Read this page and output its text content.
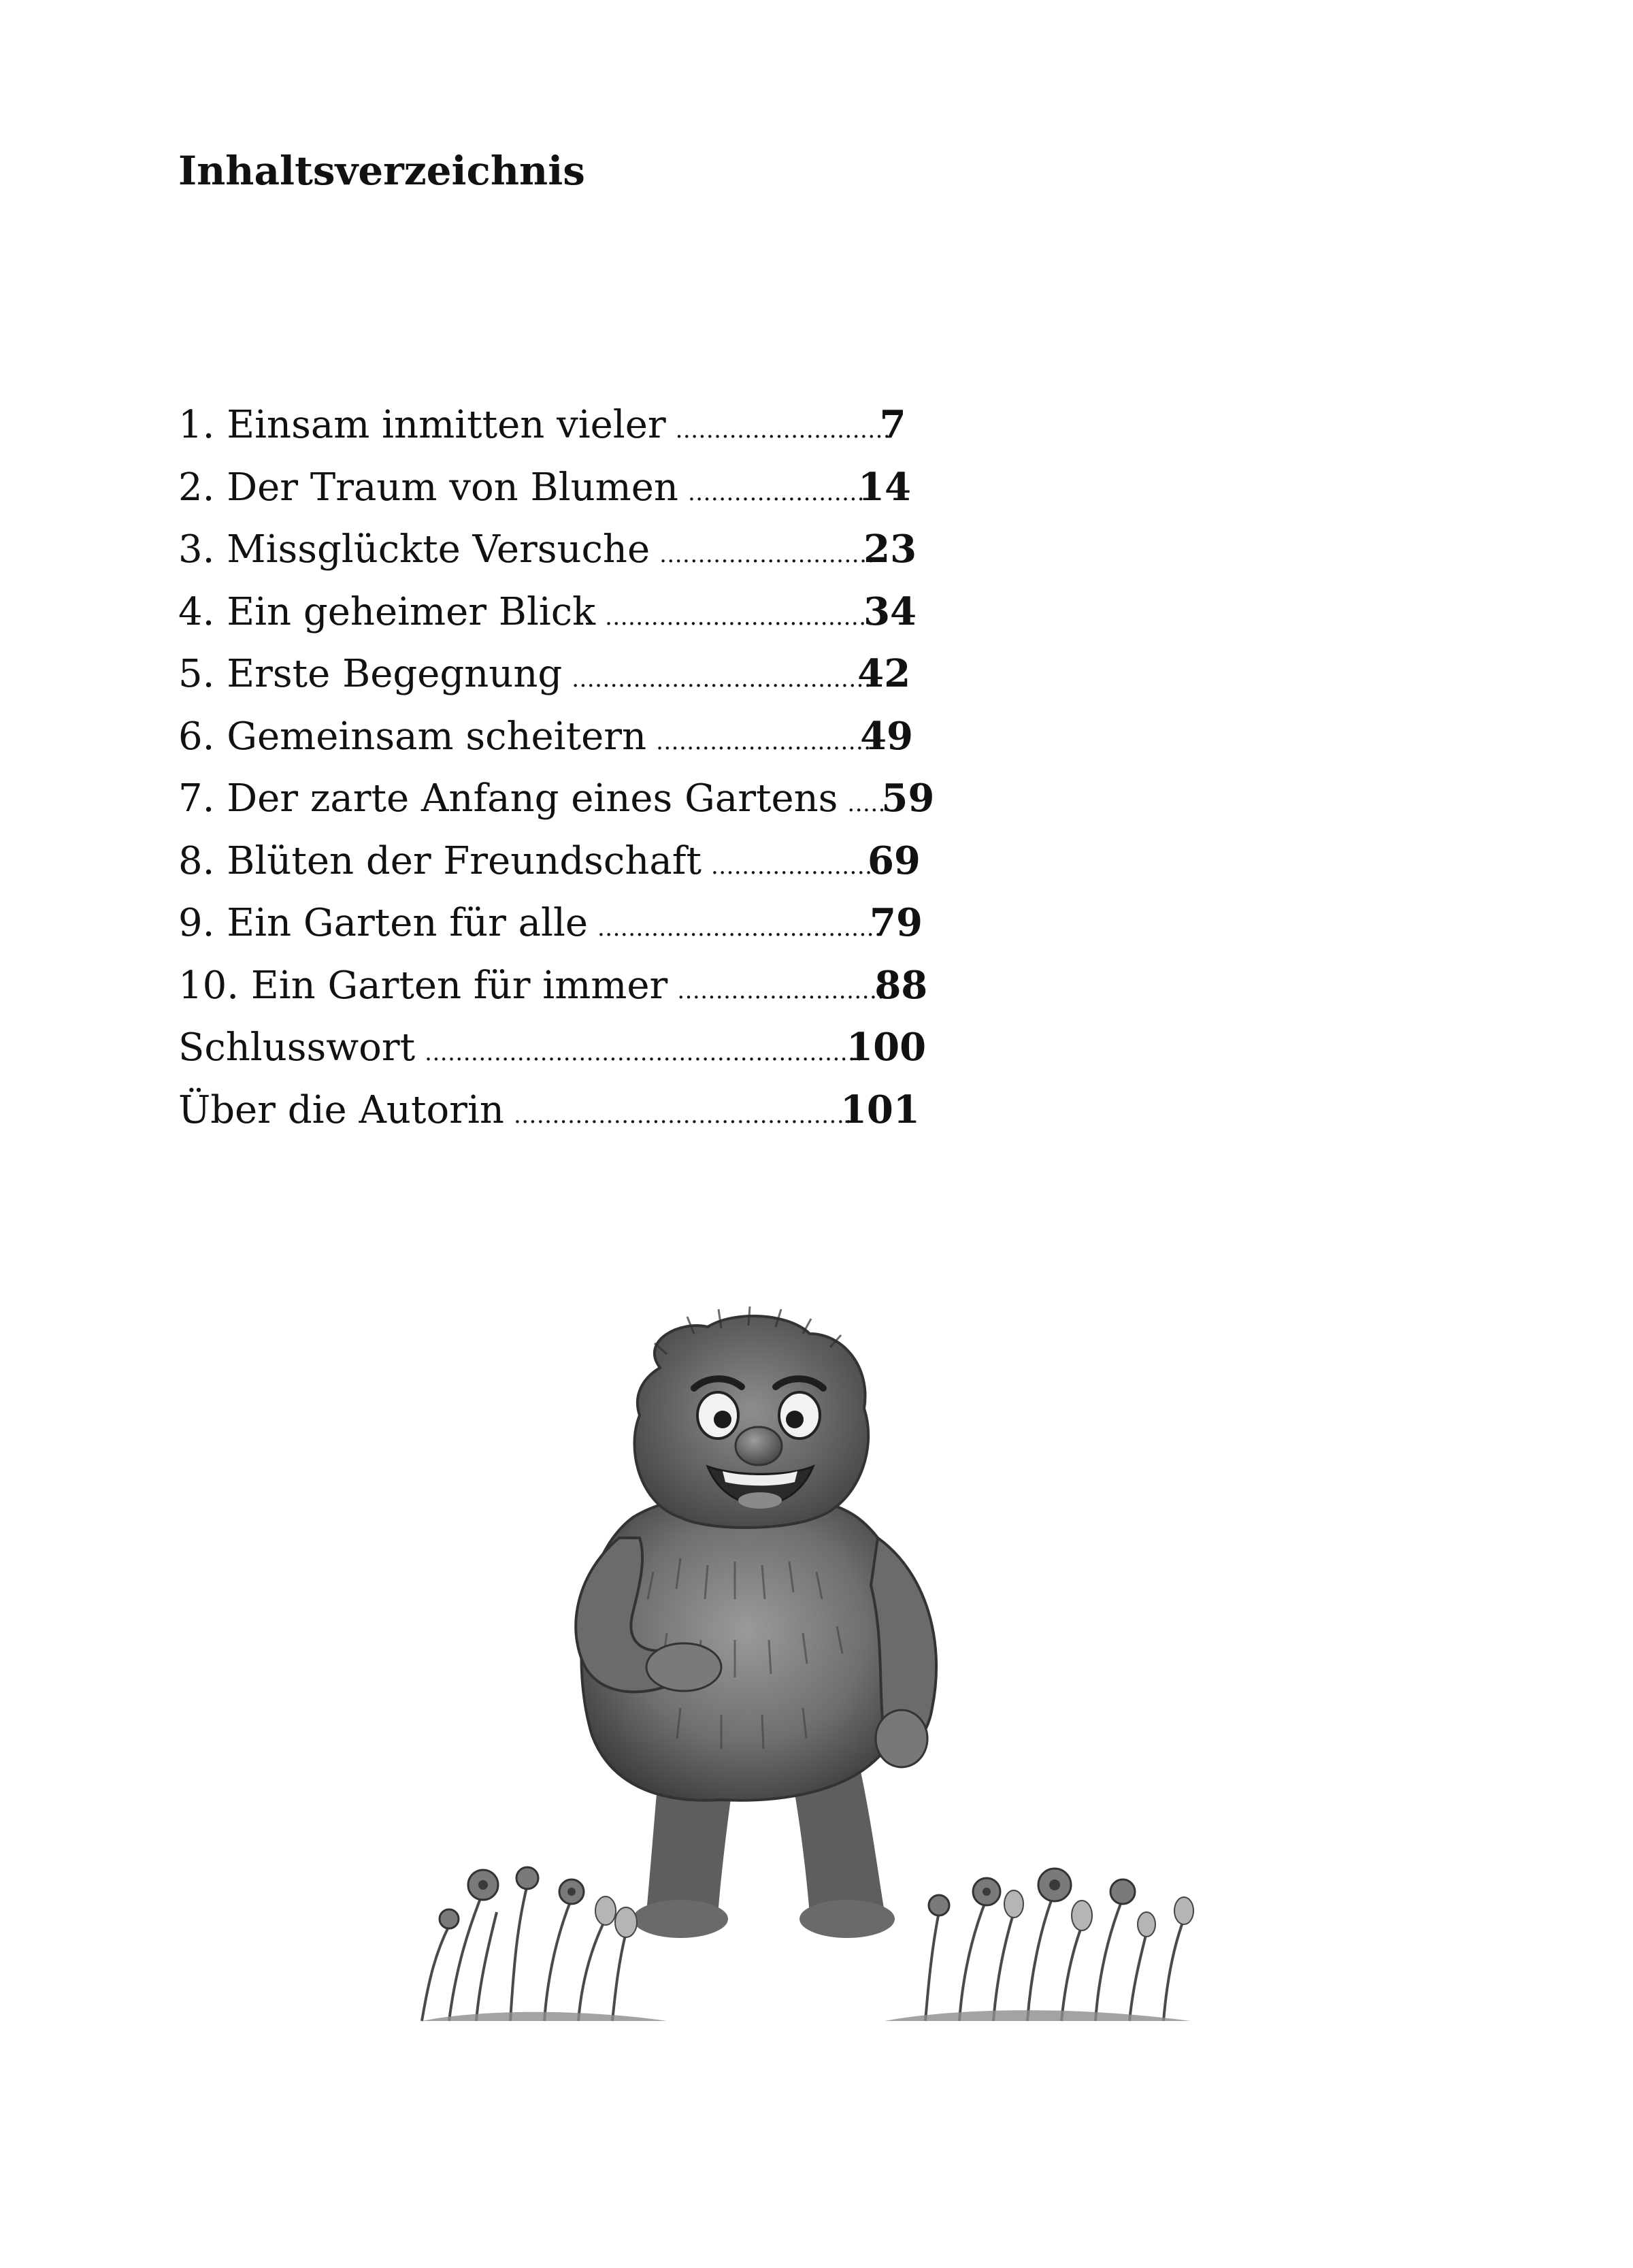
Inhaltsverzeichnis
1. Einsam inmitten vieler ............................
7
2. Der Traum von Blumen .......................
14
3. Missglückte Versuche ............................
23
4. Ein geheimer Blick ...................................
34
5. Erste Begegnung .......................................
42
6. Gemeinsam scheitern ............................
49
7. Der zarte Anfang eines Gartens .....
59
8. Blüten der Freundschaft .....................
69
9. Ein Garten für alle .....................................
79
10. Ein Garten für immer ...........................
88
Schlusswort .........................................................
100
Über die Autorin ............................................
101
